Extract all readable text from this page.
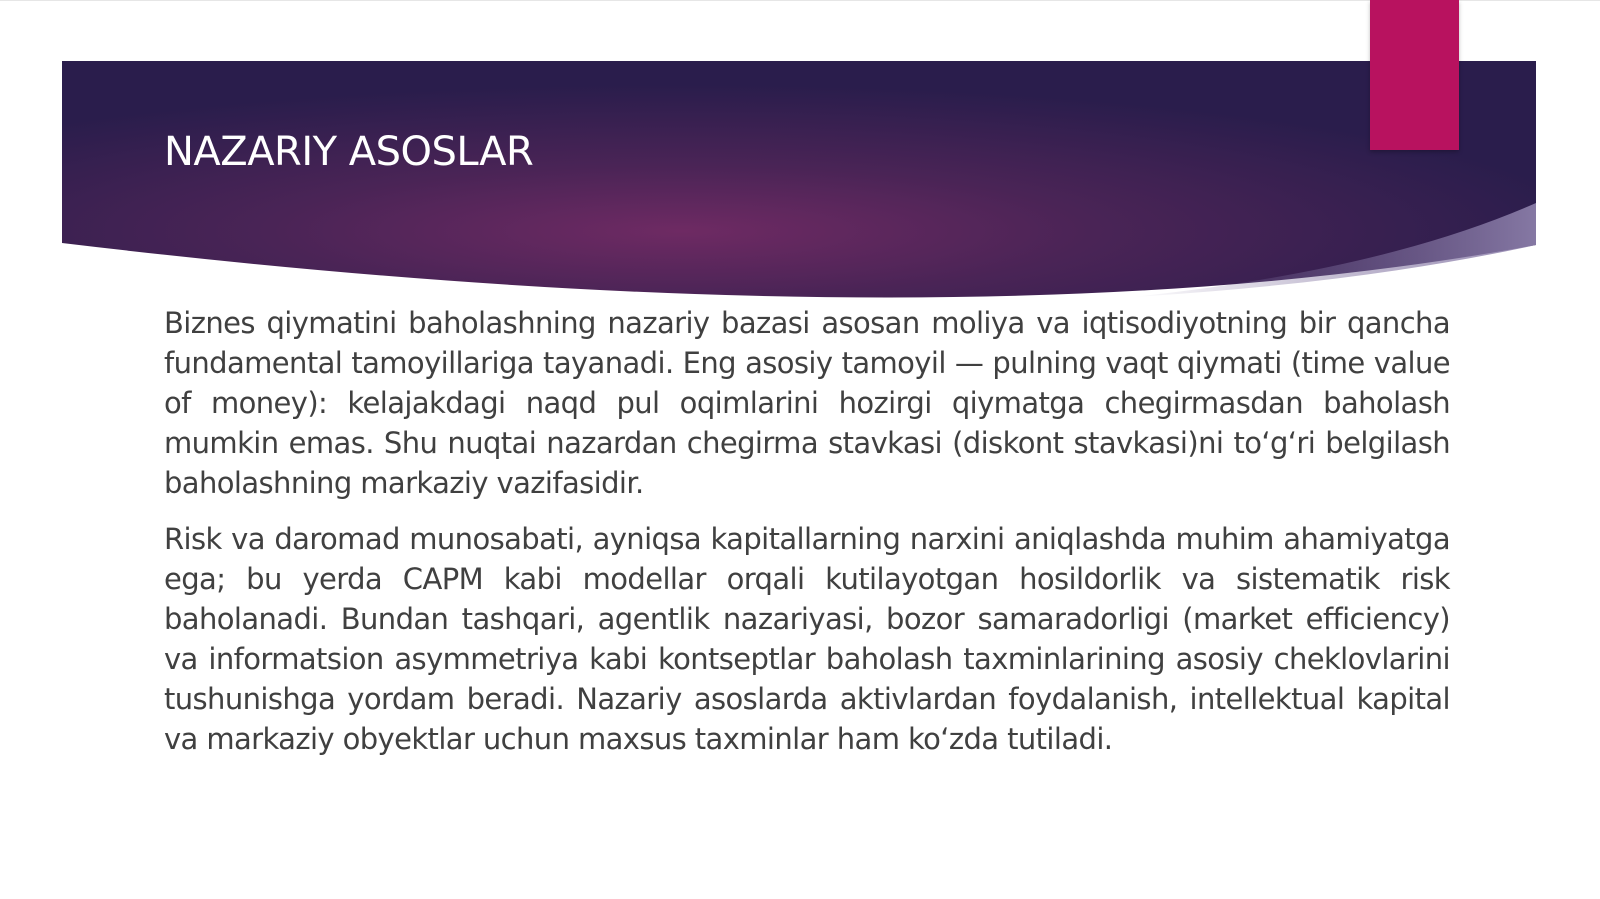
NAZARIY ASOSLAR

Biznes qiymatini baholashning nazariy bazasi asosan moliya va iqtisodiyotning bir qancha fundamental tamoyillariga tayanadi. Eng asosiy tamoyil — pulning vaqt qiymati (time value of money): kelajakdagi naqd pul oqimlarini hozirgi qiymatga chegirmasdan baholash mumkin emas. Shu nuqtai nazardan chegirma stavkasi (diskont stavkasi)ni toʻgʻri belgilash baholashning markaziy vazifasidir.

Risk va daromad munosabati, ayniqsa kapitallarning narxini aniqlashda muhim ahamiyatga ega; bu yerda CAPM kabi modellar orqali kutilayotgan hosildorlik va sistematik risk baholanadi. Bundan tashqari, agentlik nazariyasi, bozor samaradorligi (market efficiency) va informatsion asymmetriya kabi kontseptlar baholash taxminlarining asosiy cheklovlarini tushunishga yordam beradi. Nazariy asoslarda aktivlardan foydalanish, intellektual kapital va markaziy obyektlar uchun maxsus taxminlar ham koʻzda tutiladi.
